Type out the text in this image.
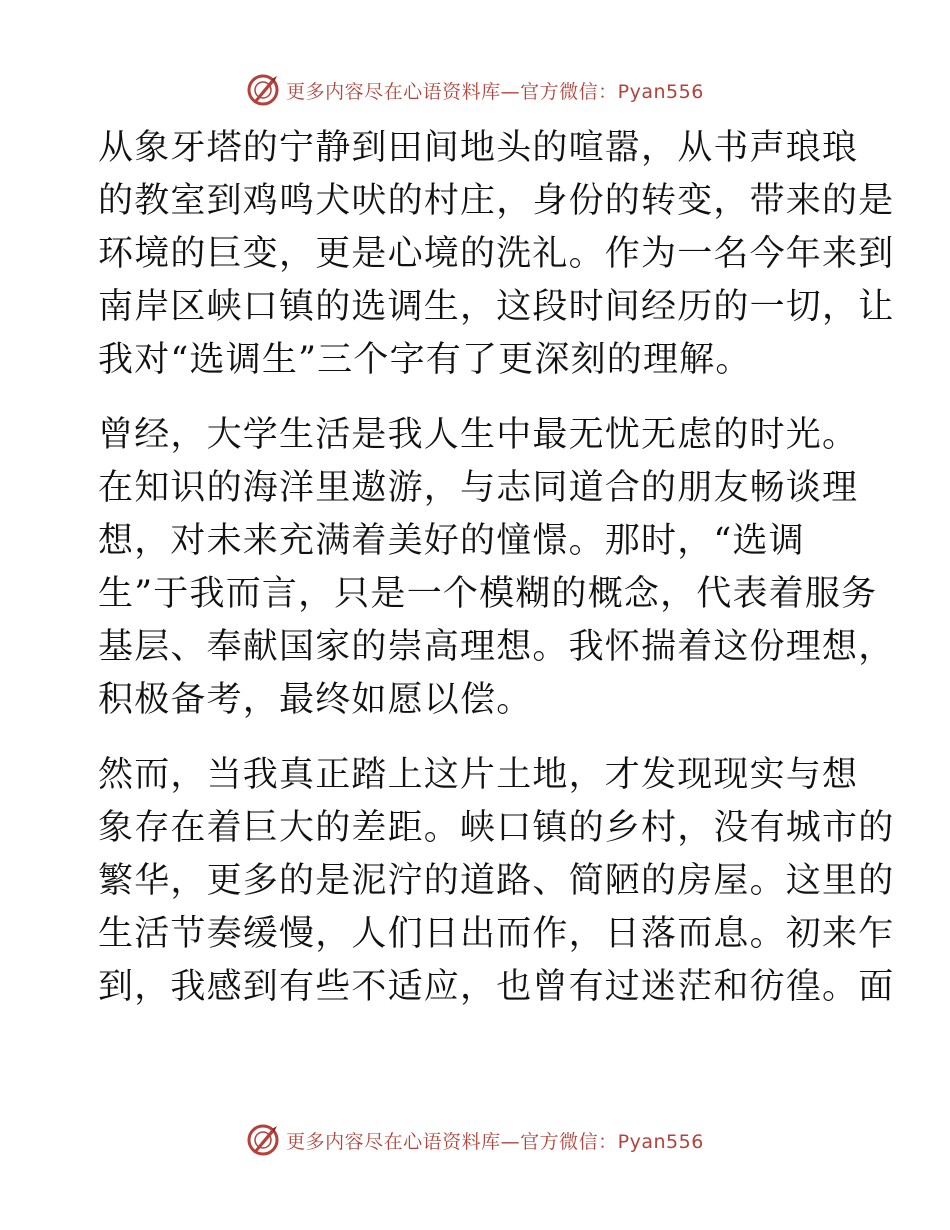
更多内容尽在心语资料库—官方微信：Pyan556
从象牙塔的宁静到田间地头的喧嚣，从书声琅琅
的教室到鸡鸣犬吠的村庄，身份的转变，带来的是
环境的巨变，更是心境的洗礼。作为一名今年来到
南岸区峡口镇的选调生，这段时间经历的一切，让
我对“选调生”三个字有了更深刻的理解。
曾经，大学生活是我人生中最无忧无虑的时光。
在知识的海洋里遨游，与志同道合的朋友畅谈理
想，对未来充满着美好的憧憬。那时，“选调
生”于我而言，只是一个模糊的概念，代表着服务
基层、奉献国家的崇高理想。我怀揣着这份理想，
积极备考，最终如愿以偿。
然而，当我真正踏上这片土地，才发现现实与想
象存在着巨大的差距。峡口镇的乡村，没有城市的
繁华，更多的是泥泞的道路、简陋的房屋。这里的
生活节奏缓慢，人们日出而作，日落而息。初来乍
到，我感到有些不适应，也曾有过迷茫和彷徨。面
更多内容尽在心语资料库—官方微信：Pyan556
